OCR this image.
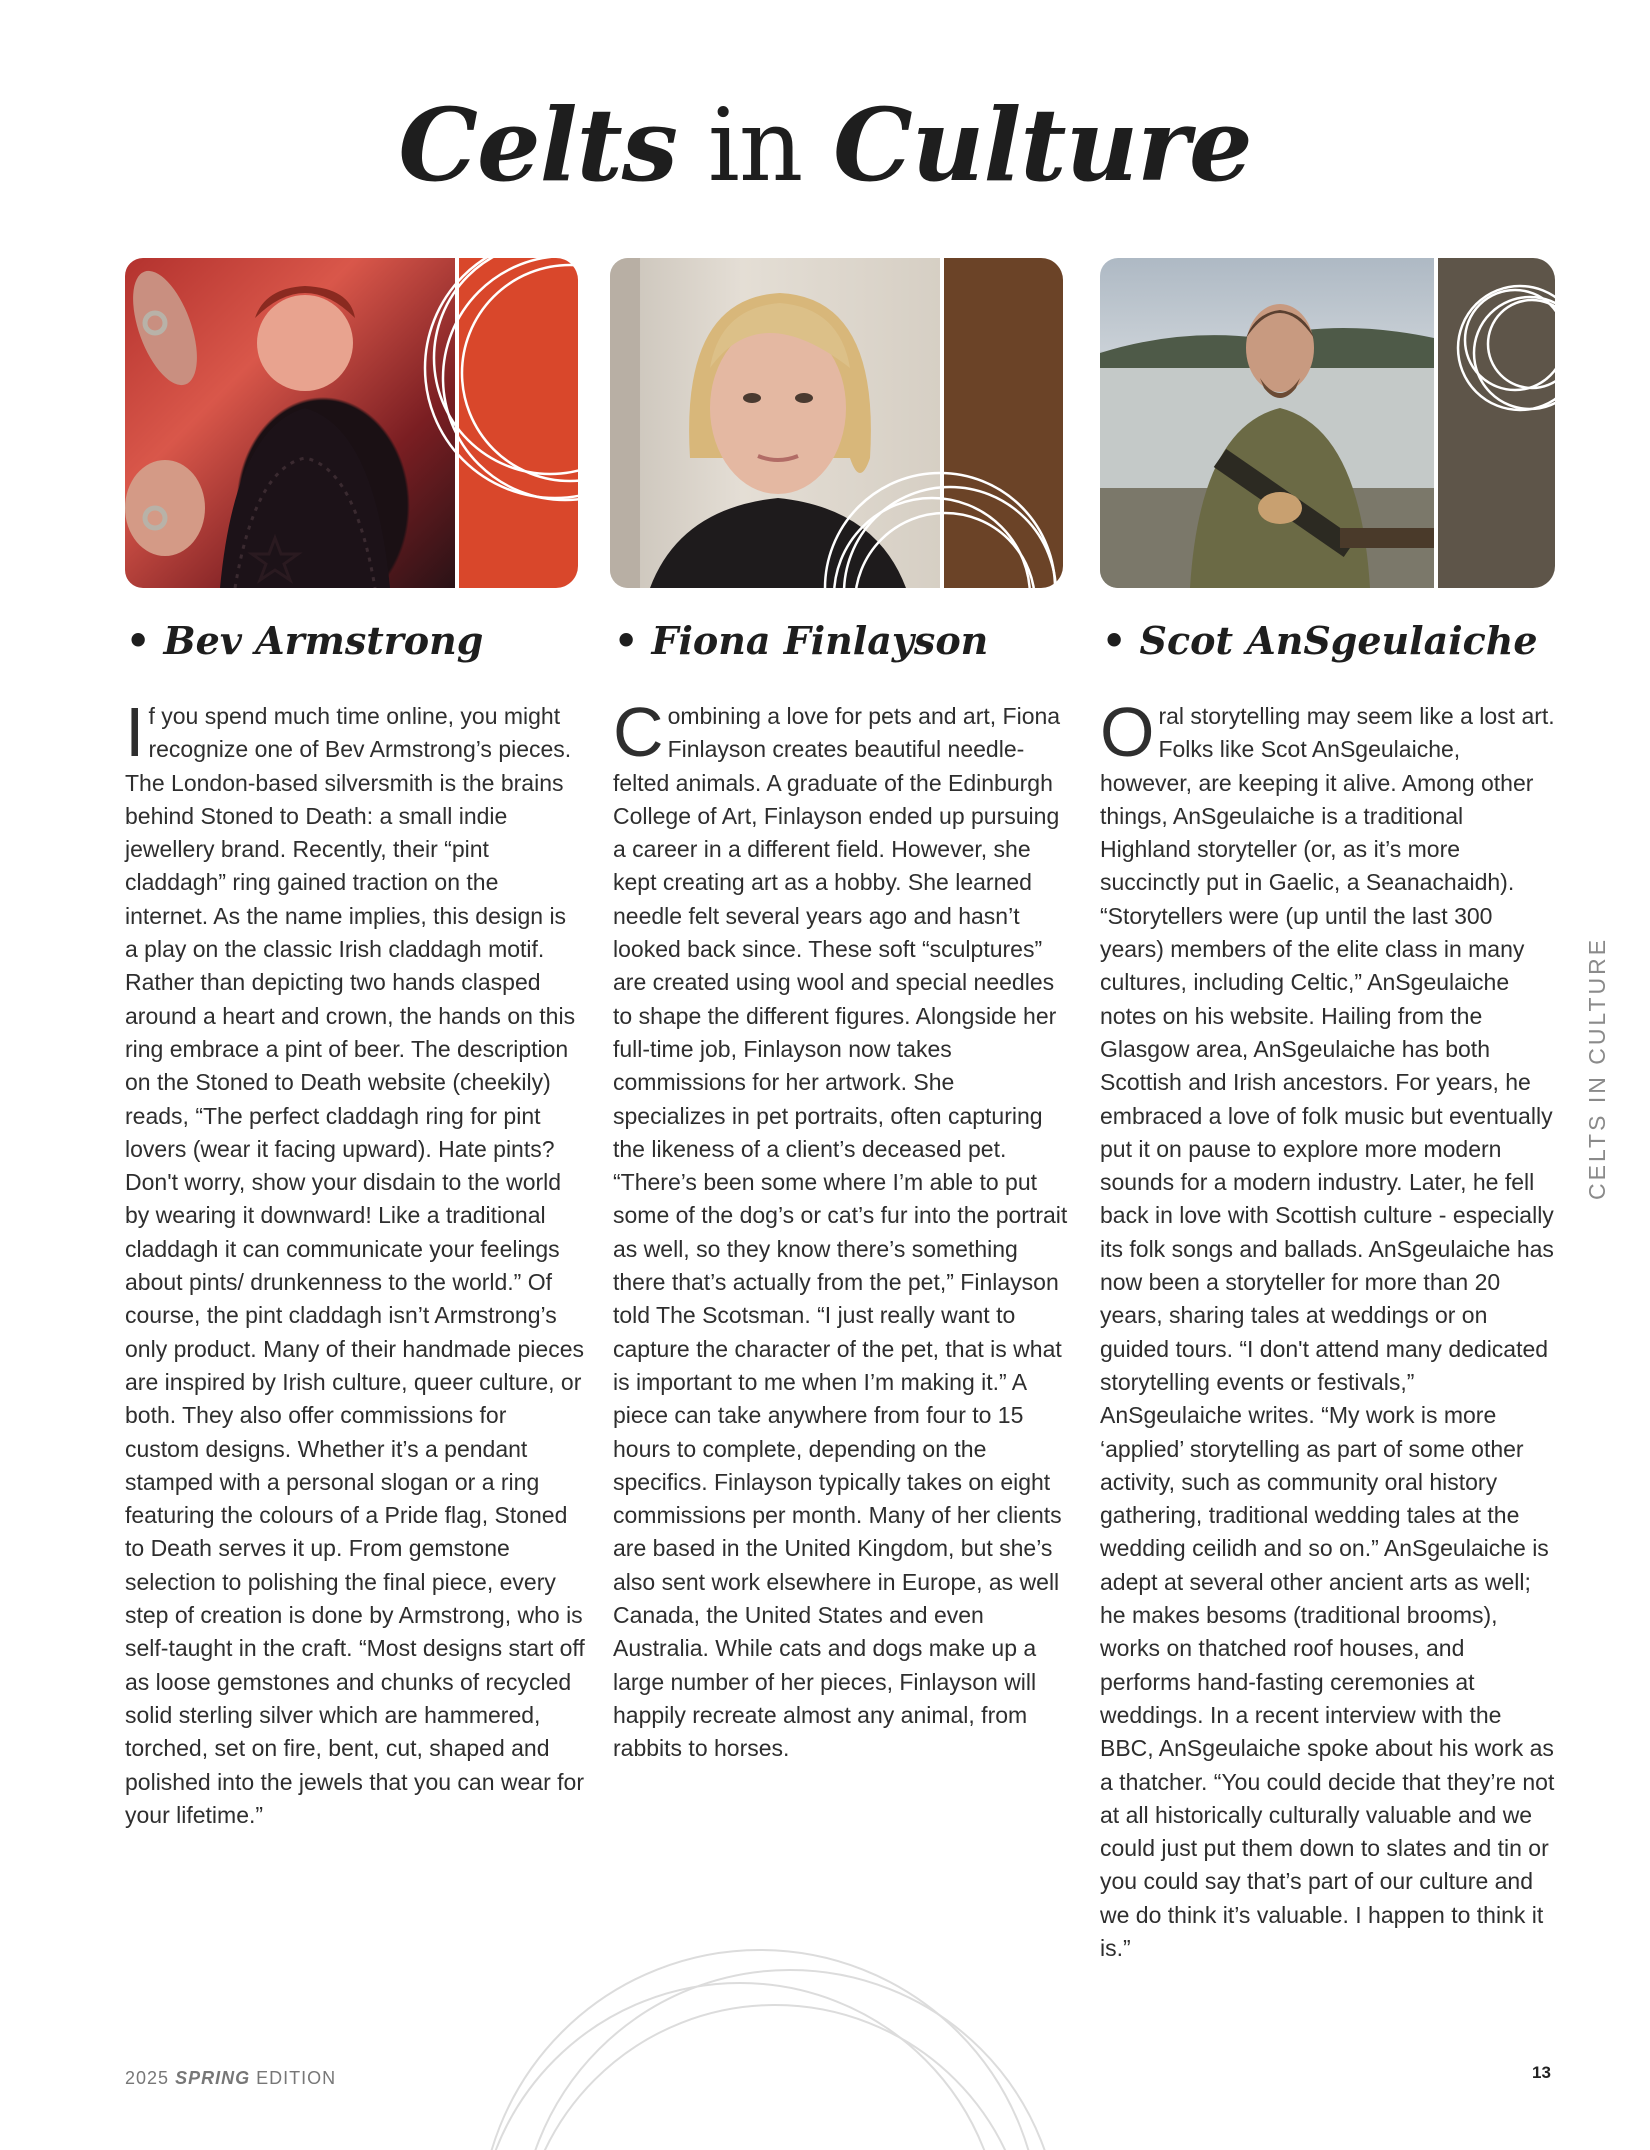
Celts in Culture
• Bev Armstrong	• Fiona Finlayson	• Scot AnSgeulaiche
If you spend much time online, you might recognize one of Bev Armstrong’s pieces. The London-based silversmith is the brains behind Stoned to Death: a small indie jewellery brand. Recently, their “pint claddagh” ring gained traction on the internet. As the name implies, this design is a play on the classic Irish claddagh motif. Rather than depicting two hands clasped around a heart and crown, the hands on this ring embrace a pint of beer. The description on the Stoned to Death website (cheekily) reads, “The perfect claddagh ring for pint lovers (wear it facing upward). Hate pints? Don't worry, show your disdain to the world by wearing it downward! Like a traditional claddagh it can communicate your feelings about pints/ drunkenness to the world.” Of course, the pint claddagh isn’t Armstrong’s only product. Many of their handmade pieces are inspired by Irish culture, queer culture, or both. They also offer commissions for custom designs. Whether it’s a pendant stamped with a personal slogan or a ring featuring the colours of a Pride flag, Stoned to Death serves it up. From gemstone selection to polishing the final piece, every step of creation is done by Armstrong, who is self-taught in the craft. “Most designs start off as loose gemstones and chunks of recycled solid sterling silver which are hammered, torched, set on fire, bent, cut, shaped and polished into the jewels that you can wear for your lifetime.”
Combining a love for pets and art, Fiona Finlayson creates beautiful needle-felted animals. A graduate of the Edinburgh College of Art, Finlayson ended up pursuing a career in a different field. However, she kept creating art as a hobby. She learned needle felt several years ago and hasn’t looked back since. These soft “sculptures” are created using wool and special needles to shape the different figures. Alongside her full-time job, Finlayson now takes commissions for her artwork. She specializes in pet portraits, often capturing the likeness of a client’s deceased pet. “There’s been some where I’m able to put some of the dog’s or cat’s fur into the portrait as well, so they know there’s something there that’s actually from the pet,” Finlayson told The Scotsman. “I just really want to capture the character of the pet, that is what is important to me when I’m making it.” A piece can take anywhere from four to 15 hours to complete, depending on the specifics. Finlayson typically takes on eight commissions per month. Many of her clients are based in the United Kingdom, but she’s also sent work elsewhere in Europe, as well Canada, the United States and even Australia. While cats and dogs make up a large number of her pieces, Finlayson will happily recreate almost any animal, from rabbits to horses.
Oral storytelling may seem like a lost art. Folks like Scot AnSgeulaiche, however, are keeping it alive. Among other things, AnSgeulaiche is a traditional Highland storyteller (or, as it’s more succinctly put in Gaelic, a Seanachaidh). “Storytellers were (up until the last 300 years) members of the elite class in many cultures, including Celtic,” AnSgeulaiche notes on his website. Hailing from the Glasgow area, AnSgeulaiche has both Scottish and Irish ancestors. For years, he embraced a love of folk music but eventually put it on pause to explore more modern sounds for a modern industry. Later, he fell back in love with Scottish culture - especially its folk songs and ballads. AnSgeulaiche has now been a storyteller for more than 20 years, sharing tales at weddings or on guided tours. “I don't attend many dedicated storytelling events or festivals,” AnSgeulaiche writes. “My work is more ‘applied’ storytelling as part of some other activity, such as community oral history gathering, traditional wedding tales at the wedding ceilidh and so on.” AnSgeulaiche is adept at several other ancient arts as well; he makes besoms (traditional brooms), works on thatched roof houses, and performs hand-fasting ceremonies at weddings. In a recent interview with the BBC, AnSgeulaiche spoke about his work as a thatcher. “You could decide that they’re not at all historically culturally valuable and we could just put them down to slates and tin or you could say that’s part of our culture and we do think it’s valuable. I happen to think it is.”
CELTS IN CULTURE
2025 SPRING EDITION	13
